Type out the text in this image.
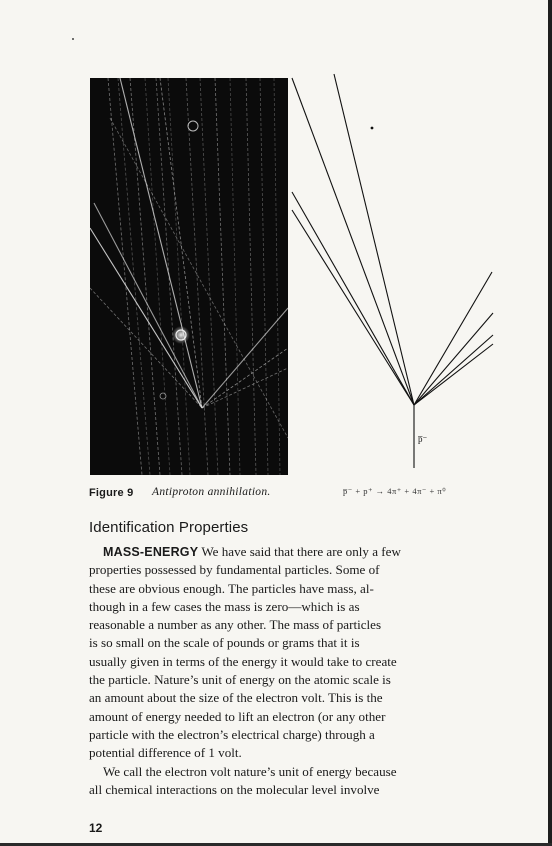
p̅⁻
Figure 9 Antiproton annihilation.	p̅⁻ + p⁺ → 4π⁺ + 4π⁻ + π⁰
Identification Properties
MASS-ENERGY We have said that there are only a few
properties possessed by fundamental particles. Some of
these are obvious enough. The particles have mass, al-
though in a few cases the mass is zero—which is as
reasonable a number as any other. The mass of particles
is so small on the scale of pounds or grams that it is
usually given in terms of the energy it would take to create
the particle. Nature’s unit of energy on the atomic scale is
an amount about the size of the electron volt. This is the
amount of energy needed to lift an electron (or any other
particle with the electron’s electrical charge) through a
potential difference of 1 volt.
We call the electron volt nature’s unit of energy because
all chemical interactions on the molecular level involve
12
